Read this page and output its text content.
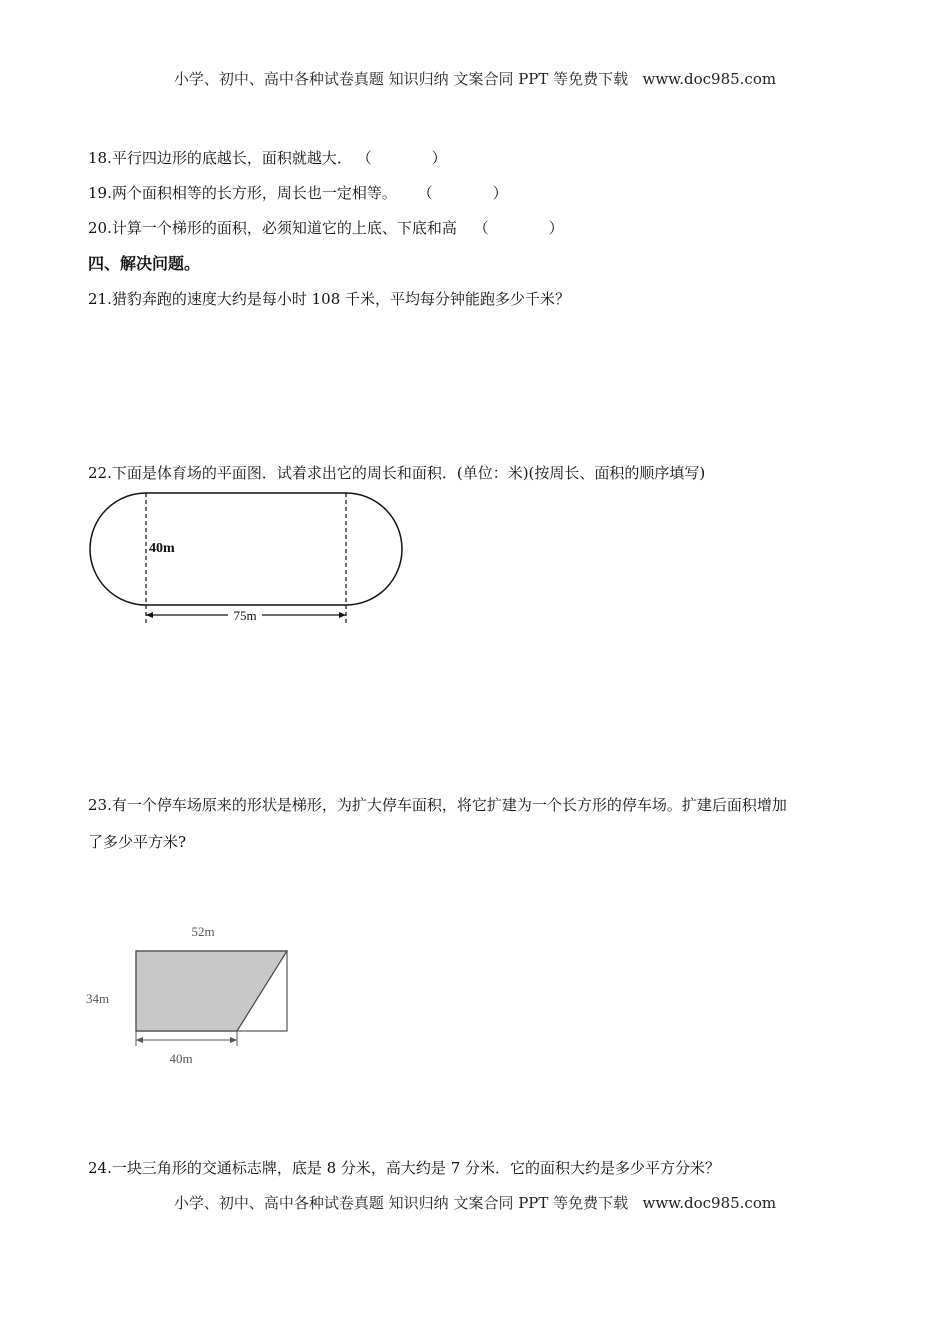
小学、初中、高中各种试卷真题 知识归纳 文案合同 PPT 等免费下载 www.doc985.com
18.平行四边形的底越长，面积就越大． （　　　　）
19.两个面积相等的长方形，周长也一定相等。 （　　　　）
20.计算一个梯形的面积，必须知道它的上底、下底和高 （　　　　）
四、解决问题。
21.猎豹奔跑的速度大约是每小时 108 千米，平均每分钟能跑多少千米？
22.下面是体育场的平面图．试着求出它的周长和面积．(单位：米)(按周长、面积的顺序填写)
75m
40m
23.有一个停车场原来的形状是梯形，为扩大停车面积，将它扩建为一个长方形的停车场。扩建后面积增加
了多少平方米?
52m
34m
40m
24.一块三角形的交通标志牌，底是 8 分米，高大约是 7 分米．它的面积大约是多少平方分米？
小学、初中、高中各种试卷真题 知识归纳 文案合同 PPT 等免费下载 www.doc985.com
